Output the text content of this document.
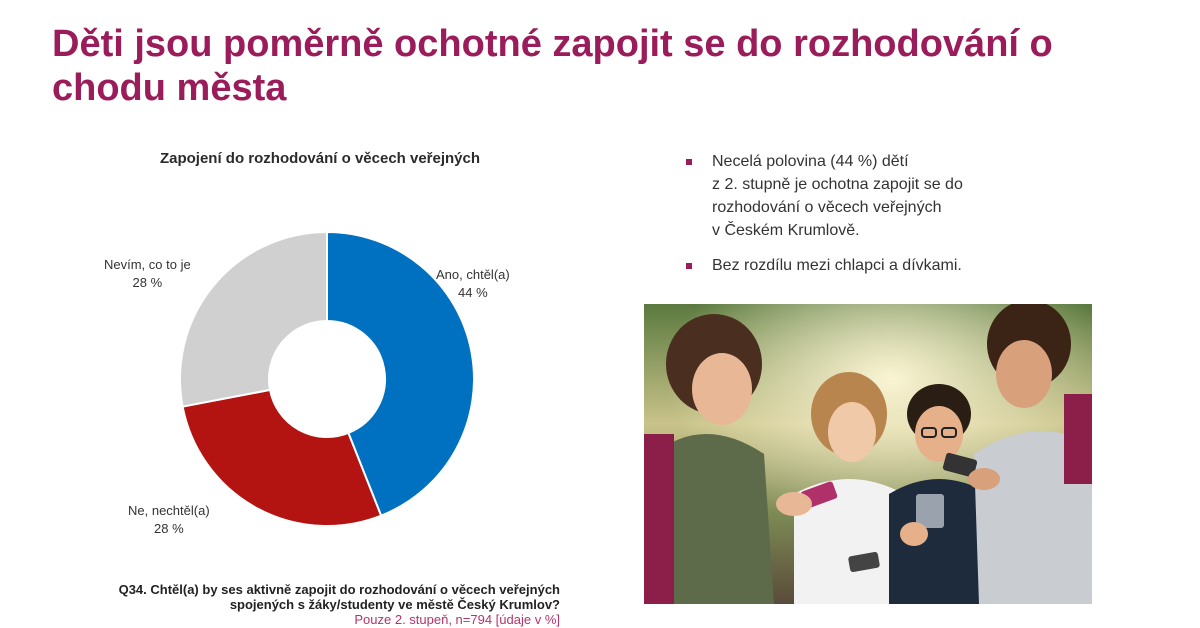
Děti jsou poměrně ochotné zapojit se do rozhodování o chodu města
Zapojení do rozhodování o věcech veřejných
Ano, chtěl(a)
44 %
Ne, nechtěl(a)
28 %
Nevím, co to je
28 %
Q34. Chtěl(a) by ses aktivně zapojit do rozhodování o věcech veřejných
spojených s žáky/studenty ve městě Český Krumlov?
Pouze 2. stupeň, n=794 [údaje v %]
Necelá polovina (44 %) dětí
z 2. stupně je ochotna zapojit se do
rozhodování o věcech veřejných
v Českém Krumlově.
Bez rozdílu mezi chlapci a dívkami.
